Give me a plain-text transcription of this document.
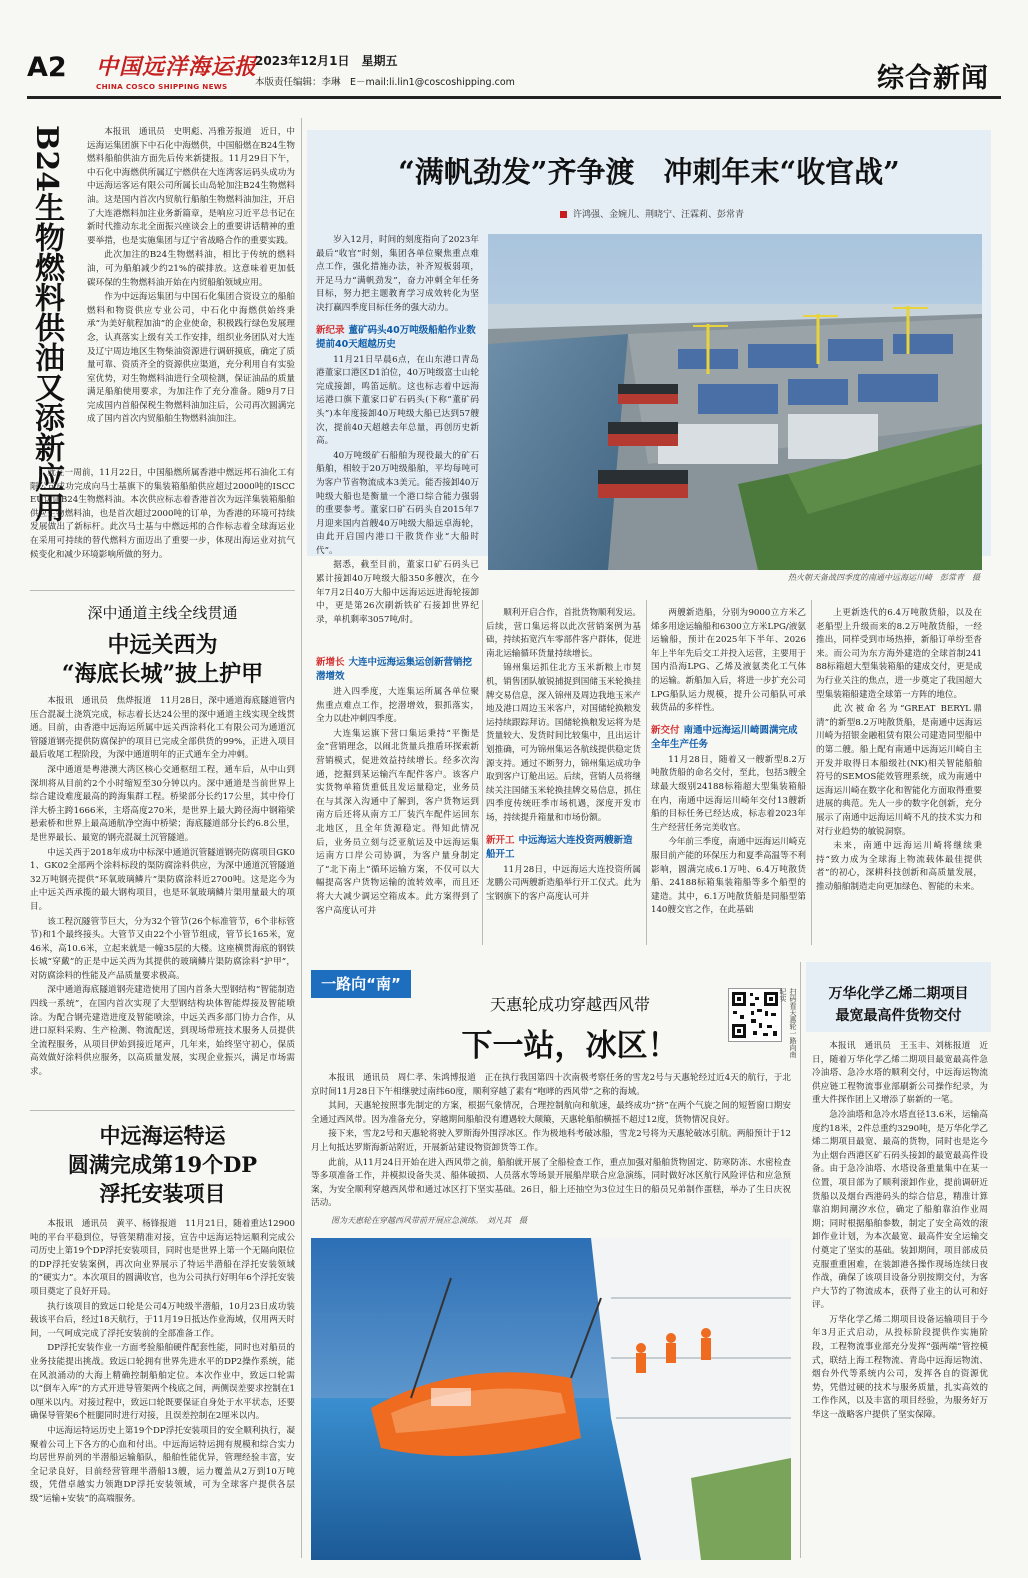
A2 中国远洋海运报
CHINA COSCO SHIPPING NEWS
2023年12月1日　星期五
本版责任编辑：李琳　E－mail:li.lin1@coscoshipping.com	综合新闻
B24生物燃料供油又添新应用	本报讯　通讯员　史明彪、冯雅芳报道　近日，中远海运集团旗下中石化中海燃供，中国船燃在B24生物燃料船舶供油方面先后传来新捷报。11月29日下午，中石化中海燃供所属辽宁燃供在大连湾客运码头成功为中远海运客运有限公司所属长山岛轮加注B24生物燃料油。这是国内首次内贸航行船舶生物燃料油加注，开启了大连港燃料加注业务新篇章，是响应习近平总书记在新时代推动东北全面振兴座谈会上的重要讲话精神的重要举措，也是实施集团与辽宁省战略合作的重要实践。

此次加注的B24生物燃料油，相比于传统的燃料油，可为船舶减少约21%的碳排放。这意味着更加低碳环保的生物燃料油开始在内贸船舶领域应用。

作为中远海运集团与中国石化集团合资设立的船舶燃料和物资供应专业公司，中石化中海燃供始终秉承“为美好航程加油”的企业使命，积极践行绿色发展理念，认真落实上级有关工作安排，组织业务团队对大连及辽宁周边地区生物柴油资源进行调研摸底，确定了质量可靠、资质齐全的资源供应渠道，充分利用自有实验室优势，对生物燃料油进行全项检测，保证油品的质量满足船舶使用要求，为加注作了充分准备。随9月7日完成国内首船保税生物燃料油加注后，公司再次圆满完成了国内首次内贸船舶生物燃料油加注。

就在一周前，11月22日，中国船燃所属香港中燃远邦石油化工有限公司成功完成向马士基旗下的集装箱船舶供应超过2000吨的ISCC EU认证B24生物燃料油。本次供应标志着香港首次为远洋集装箱船舶供应生物燃料油，也是首次超过2000吨的订单，为香港的环境可持续发展做出了新标杆。此次马士基与中燃远邦的合作标志着全球海运业在采用可持续的替代燃料方面迈出了重要一步，体现出海运业对抗气候变化和减少环境影响所做的努力。

深中通道主线全线贯通
中远关西为
“海底长城”披上护甲

本报讯　通讯员　焦烨报道　11月28日，深中通道海底隧道管内压合混凝土浇筑完成，标志着长达24公里的深中通道主线实现全线贯通。目前，由香港中远海运所属中远关西涂料化工有限公司为通道沉管隧道钢壳提供防腐保护的项目已完成全部供货的99%，正进入项目最后收尾工程阶段，为深中通道明年的正式通车全力冲刺。

深中通道是粤港澳大湾区核心交通枢纽工程，通车后，从中山到深圳将从目前约2个小时缩短至30分钟以内。深中通道是当前世界上综合建设难度最高的跨海集群工程。桥梁部分长约17公里，其中伶仃洋大桥主跨1666米，主塔高度270米，是世界上最大跨径海中钢箱梁悬索桥和世界上最高通航净空海中桥梁；海底隧道部分长约6.8公里，是世界最长、最宽的钢壳混凝土沉管隧道。

中远关西于2018年成功中标深中通道沉管隧道钢壳防腐项目GK01、GK02全部两个涂料标段的渠防腐涂料供应，为深中通道沉管隧道32万吨钢壳提供“环氧玻璃鳞片”渠防腐涂料近2700吨。这是迄今为止中远关西承揽的最大钢构项目，也是环氧玻璃鳞片渠用量最大的项目。

该工程沉隧管节巨大，分为32个管节(26个标准管节，6个非标管节)和1个最终接头。大管节又由22个小管节组成，管节长165米，宽46米，高10.6米，立起来就是一幢35层的大楼。这座横贯海底的钢铁长城“穿戴”的正是中远关西为其提供的玻璃鳞片渠防腐涂料“护甲”，对防腐涂料的性能及产品质量要求极高。

深中通道海底隧道钢壳建造使用了国内首条大型钢结构“智能制造四线一系统”，在国内首次实现了大型钢结构块体智能焊接及智能喷涂。为配合钢壳建造进度及智能喷涂，中远关西多部门协力合作，从进口原料采购、生产检测、物流配送，到现场带班技术服务人员提供全流程服务，从项目伊始到接近尾声，几年来，始终坚守初心，保质高效做好涂料供应服务，以高质量发展，实现企业振兴，满足市场需求。

中远海运特运
圆满完成第19个DP
浮托安装项目

本报讯　通讯员　黄平、杨锋报道　11月21日，随着重达12900吨的平台平稳到位，导管架精准对接，宣告中远海运特运顺利完成公司历史上第19个DP浮托安装项目，同时也是世界上第一个无隔向限位的DP浮托安装案例，再次向业界展示了特运半潜船在浮托安装领域的“硬实力”。本次项目的圆满收官，也为公司执行好明年6个浮托安装项目奠定了良好开局。

执行该项目的致远口轮是公司4万吨级半潜船，10月23日成功装载该平台后，经过18天航行，于11月19日抵达作业海域，仅用两天时间，一气呵成完成了浮托安装前的全部准备工作。

DP浮托安装作业一方面考验船舶硬件配套性能，同时也对船员的业务技能提出挑战。致远口轮拥有世界先进水平的DP2操作系统，能在风浪涌动的大海上精确控制船舶定位。本次作业中，致远口轮需以“倒车入库”的方式开进导管架两个栈底之间，两侧误差要求控制在10厘米以内。对接过程中，致远口轮既要保证自身处于水平状态，还要确保导管架6个桩腿同时进行对接，且误差控制在2厘米以内。

中远海运特运历史上第19个DP浮托安装项目的安全顺利执行，凝聚着公司上下各方的心血和付出。中远海运特运拥有规模和综合实力均居世界前列的半潜船运输船队，船舶性能优异，管理经验丰富，安全记录良好，目前经营管理半潜船13艘，运力覆盖从2万到10万吨级，凭借卓越实力领跑DP浮托安装领域，可为全球客户提供各层级“运输+安装”的高端服务。

“满帆劲发”齐争渡　冲刺年末“收官战”
许鸿强、金婉儿、荆晓宁、汪霖莉、彭常青

岁入12月，时间的刻度指向了2023年最后“收官”时刻，集团各单位聚焦重点难点工作，强化措施办法，补齐短板弱项，开足马力“满帆劲发”，奋力冲刺全年任务目标，努力把主题教育学习成效转化为坚决打赢四季度目标任务的强大动力。

新纪录 董矿码头40万吨级船舶作业数提前40天超越历史

11月21日早晨6点，在山东港口青岛港董家口港区D1泊位，40万吨级富士山轮完成接卸，鸣笛远航。这也标志着中远海运港口旗下董家口矿石码头(下称“董矿码头”)本年度接卸40万吨级大船已达到57艘次，提前40天超越去年总量，再创历史新高。

40万吨级矿石船舶为现役最大的矿石船舶，相较于20万吨级船舶，平均每吨可为客户节省物流成本3美元。能否接卸40万吨级大船也是衡量一个港口综合能力强弱的重要参考。董家口矿石码头自2015年7月迎来国内首艘40万吨级大船远卓海轮，由此开启国内港口干散货作业“大船时代”。

据悉，截至目前，董家口矿石码头已累计接卸40万吨级大船350多艘次，在今年7月2日40万大船中远海运远进海轮接卸中，更是第26次刷新铁矿石接卸世界纪录，单机剩率3057吨/时。

热火朝天备战四季度的南通中远海运川崎　彭常青　摄
新增长 大连中远海运集运创新营销挖潜增效

进入四季度，大连集运所属各单位聚焦重点难点工作，挖潜增效，狠抓落实，全力以赴冲刺四季度。

大连集运旗下营口集运秉持“平衡是金”营销理念，以闹北货量兵推盾环探索新营销模式，促进效益持续增长。经多次沟通，挖掘到某运输汽车配件客户。该客户实货物单箱货重低且发运量稳定，业务员在与其深入沟通中了解到，客户货物运到南方后还将从南方工厂装汽车配件运回东北地区，且全年货源稳定。得知此情况后，业务员立刻与泛亚航运及中远海运集运南方口岸公司协调，为客户量身制定了“北下南上”循环运输方案，不仅可以大幅提高客户货物运输的流转效率，而且还将大大减少调运空箱成本。此方案得到了客户高度认可并

顺利开启合作，首批货物顺利发运。后续，营口集运将以此次营销案例为基础，持续拓宽汽车零部件客户群体，促进南北运输循环货量持续增长。

锦州集运抓住北方玉米新粮上市契机，销售团队敏锐捕捉到国储玉米轮换挂牌交易信息，深入锦州及周边我地玉米产地及港口周边玉米客户，对国储轮换粮发运持续跟踪拜访。国储轮换粮发运将为是货量较大、发货时间比较集中，且出运计划推确，可为锦州集运各航线提供稳定货源支持。通过不断努力，锦州集运成功争取到客户订舱出运。后续，营销人员将继续关注国储玉米轮换挂牌交易信息，抓住四季度传统旺季市场机遇，深度开发市场，持续提升箱量和市场份额。

新开工 中远海运大连投资两艘新造船开工

11月28日，中远海运大连投资所属龙鹏公司两艘新造船举行开工仪式。此为宝钢旗下的客户高度认可并

两艘新造船，分别为9000立方米乙烯多用途运输船和6300立方米LPG/液氨运输船，预计在2025年下半年、2026年上半年先后交工并投入运营，主要用于国内沿海LPG、乙烯及液氨类化工气体的运输。新船加入后，将进一步扩充公司LPG船队运力规模，提升公司船队可承载货品的多样性。

新交付 南通中远海运川崎圆满完成全年生产任务

11月28日，随着又一艘新型8.2万吨散货船的命名交付，至此，包括3艘全球最大级别24188标箱超大型集装箱船在内，南通中远海运川崎年交付13艘新船的目标任务已经达成，标志着2023年生产经营任务完美收官。

今年前三季度，南通中远海运川崎克服目前产能的环保压力和夏季高温等不利影响，圆满完成6.1万吨、6.4万吨散货船、24188标箱集装箱船等多个船型的建造。其中，6.1万吨散货船是同船型第140艘交官之作，在此基础

上更新迭代的6.4万吨散货船，以及在老船型上升级而来的8.2万吨散货船，一经推出，同样受到市场热捧，新船订单纷至沓来。而公司为东方海外建造的全球首制24188标箱超大型集装箱船的建成交付，更是成为行业关注的焦点，进一步奠定了我国超大型集装箱船建造全球第一方阵的地位。

此次被命名为“GREAT BERYL鼎清”的新型8.2万吨散货船，是南通中远海运川崎为招银金融租赁有限公司建造同型船中的第二艘。船上配有南通中远海运川崎自主开发并取得日本船级社(NK)相关智能船舶符号的SEMOS能效管理系统，成为南通中远海运川崎在数字化和智能化方面取得重要进展的典范。先人一步的数字化创新，充分展示了南通中远海运川崎不凡的技术实力和对行业趋势的敏锐洞察。

未来，南通中远海运川崎将继续秉持“致力成为全球海上物流载体最佳提供者”的初心，深耕科技创新和高质量发展，推动船舶制造走向更加绿色、智能的未来。

一路向“南”
天惠轮成功穿越西风带
下一站，冰区！	扫码看天惠轮一路向南纪实

本报讯　通讯员　周仁孝、朱鸿博报道　正在执行我国第四十次南极考察任务的雪龙2号与天惠轮经过近4天的航行，于北京时间11月28日下午相继驶过南纬60度，顺利穿越了素有“咆哮的西风带”之称的海域。

其间，天惠轮按照事先制定的方案，根据气象情况，合理控制航向和航速，最终成功“挤”在两个气旋之间的短暂窗口期安全通过西风带。因为准备充分，穿越期间船舶没有遭遇较大颠簸，天惠轮船舶横摇不超过12度，货物情况良好。

接下来，雪龙2号和天惠轮将驶入罗斯海外围浮冰区。作为极地科考破冰船，雪龙2号将为天惠轮破冰引航。两船预计于12月上旬抵达罗斯海新站附近，开展新站建设物资卸货等工作。

此前，从11月24日开始在进入西风带之前，船舶就开展了全船检查工作，重点加强对船舶货物固定、防寒防冻、水密检查等多项准备工作，并模拟设备失灵、船体破损、人员落水等场景开展船岸联合应急演练，同时做好冰区航行风险评估和应急预案，为安全顺利穿越西风带和通过冰区打下坚实基础。26日，船上还抽空为3位过生日的船员兄弟制作蛋糕，举办了生日庆祝活动。

图为天惠轮在穿越西风带前开展应急演练。　刘凡其　摄

万华化学乙烯二期项目
最宽最高件货物交付

本报讯　通讯员　王玉丰、刘栋报道　近日，随着万华化学乙烯二期项目最宽最高件急冷油塔、急冷水塔的顺利交付，中远海运物流供应链工程物流事业部刷新公司操作纪录，为重大件探作团上又增添了崭新的一笔。

急冷油塔和急冷水塔直径13.6米，运输高度约18米，2件总重约3290吨，是万华化学乙烯二期项目最宽、最高的货物，同时也是迄今为止烟台西港区矿石码头接卸的最宽最高件设备。由于急冷油塔、水塔设备重量集中在某一位置，项目部为了顺利滚卸作业，提前调研近货船以及烟台西港码头的综合信息，精准计算靠泊期间潮汐水位，确定了船舶靠泊作业周期；同时根据船舶参数，制定了安全高效的滚卸作业计划，为本次最宽、最高件安全运输交付奠定了坚实的基础。装卸期间，项目部成员克服重重困难，在装卸港各操作现场连续日夜作战，确保了该项目设备分别按期交付，为客户大节约了物流成本，获得了业主的认可和好评。

万华化学乙烯二期项目设备运输项目于今年3月正式启动，从投标阶段提供作实施阶段，工程物流事业部充分发挥“强两端”管控模式，联结上海工程物流、青岛中远海运物流、烟台外代等系统内公司，发挥各自的资源优势，凭借过硬的技术与服务质量，扎实高效的工作作风，以及丰富的项目经验，为服务好万华这一战略客户提供了坚实保障。
